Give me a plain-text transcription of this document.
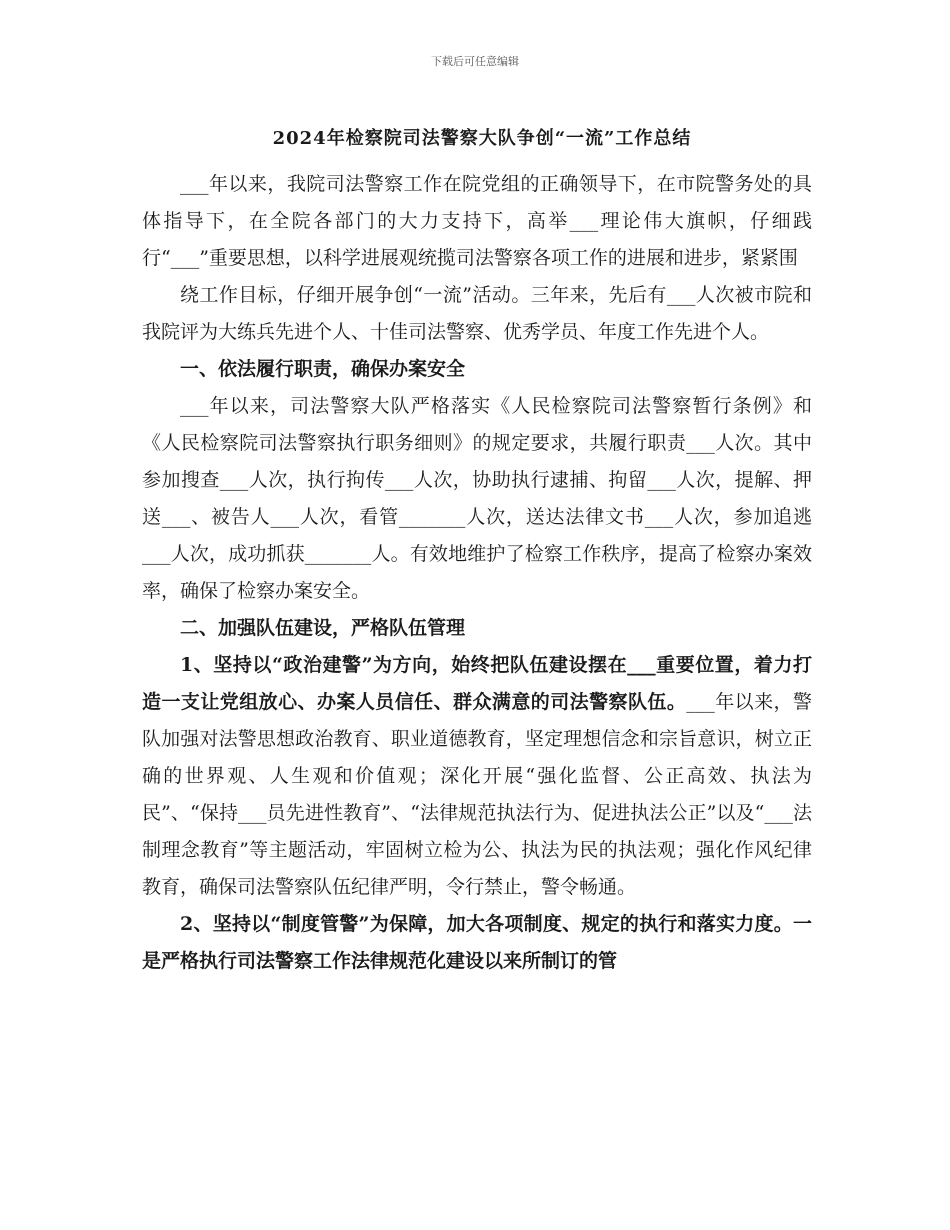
下载后可任意编辑
2024年检察院司法警察大队争创“一流”工作总结

___年以来，我院司法警察工作在院党组的正确领导下，在市院警务处的具体指导下，在全院各部门的大力支持下，高举___理论伟大旗帜，仔细践行“___”重要思想，以科学进展观统揽司法警察各项工作的进展和进步，紧紧围

绕工作目标，仔细开展争创“一流”活动。三年来，先后有___人次被市院和我院评为大练兵先进个人、十佳司法警察、优秀学员、年度工作先进个人。

一、依法履行职责，确保办案安全

___年以来，司法警察大队严格落实《人民检察院司法警察暂行条例》和《人民检察院司法警察执行职务细则》的规定要求，共履行职责___人次。其中参加搜查___人次，执行拘传___人次，协助执行逮捕、拘留___人次，提解、押送___、被告人___人次，看管_______人次，送达法律文书___人次，参加追逃___人次，成功抓获_______人。有效地维护了检察工作秩序，提高了检察办案效率，确保了检察办案安全。

二、加强队伍建设，严格队伍管理

1、坚持以“政治建警”为方向，始终把队伍建设摆在___重要位置，着力打造一支让党组放心、办案人员信任、群众满意的司法警察队伍。___年以来，警队加强对法警思想政治教育、职业道德教育，坚定理想信念和宗旨意识，树立正确的世界观、人生观和价值观；深化开展“强化监督、公正高效、执法为民”、“保持___员先进性教育”、“法律规范执法行为、促进执法公正”以及“___法制理念教育”等主题活动，牢固树立检为公、执法为民的执法观；强化作风纪律教育，确保司法警察队伍纪律严明，令行禁止，警令畅通。

2、坚持以“制度管警”为保障，加大各项制度、规定的执行和落实力度。一是严格执行司法警察工作法律规范化建设以来所制订的管
